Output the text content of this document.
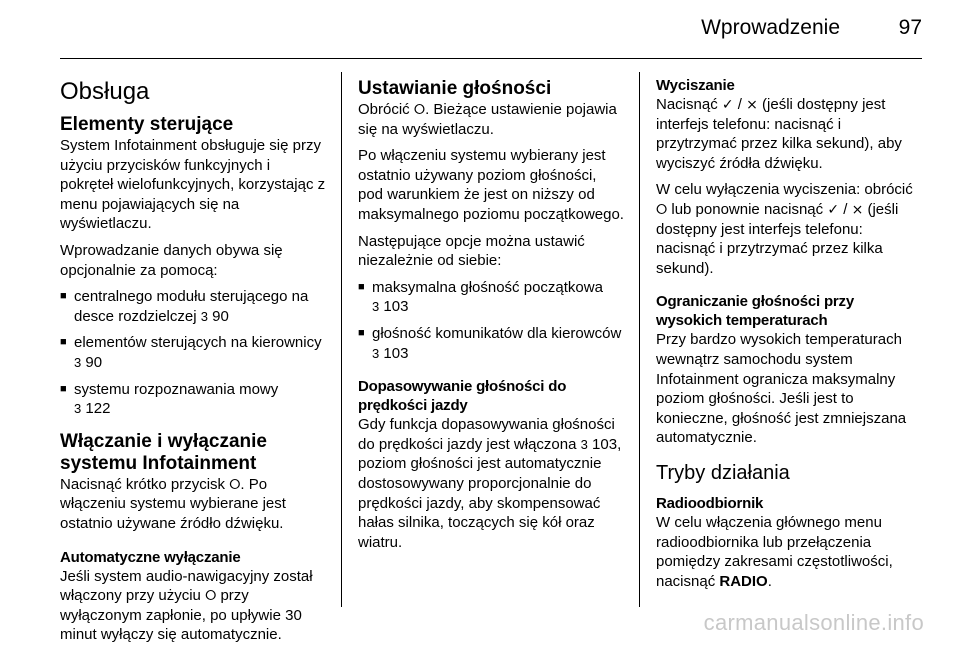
Wprowadzenie	97
Obsługa
Elementy sterujące

System Infotainment obsługuje się przy użyciu przycisków funkcyjnych i pokręteł wielofunkcyjnych, korzystając z menu pojawiających się na wyświetlaczu.

Wprowadzanie danych obywa się opcjonalnie za pomocą:

■ centralnego modułu sterującego na desce rozdzielczej 3 90
■ elementów sterujących na kierownicy 3 90
■ systemu rozpoznawania mowy
3 122
Włączanie i wyłączanie systemu Infotainment

Nacisnąć krótko przycisk ⭘. Po włączeniu systemu wybierane jest ostatnio używane źródło dźwięku.

Automatyczne wyłączanie

Jeśli system audio-nawigacyjny został włączony przy użyciu ⭘ przy wyłączonym zapłonie, po upływie 30 minut wyłączy się automatycznie.

Ustawianie głośności

Obrócić ⭘. Bieżące ustawienie pojawia się na wyświetlaczu.

Po włączeniu systemu wybierany jest ostatnio używany poziom głośności, pod warunkiem że jest on niższy od maksymalnego poziomu początkowego.

Następujące opcje można ustawić niezależnie od siebie:

■ maksymalna głośność początkowa
3 103
■ głośność komunikatów dla kierowców 3 103
Dopasowywanie głośności do prędkości jazdy

Gdy funkcja dopasowywania głośności do prędkości jazdy jest włączona 3 103, poziom głośności jest automatycznie dostosowywany proporcjonalnie do prędkości jazdy, aby skompensować hałas silnika, toczących się kół oraz wiatru.

Wyciszanie

Nacisnąć ✓ / ⨯ (jeśli dostępny jest interfejs telefonu: nacisnąć i przytrzymać przez kilka sekund), aby wyciszyć źródła dźwięku.

W celu wyłączenia wyciszenia: obrócić ⭘ lub ponownie nacisnąć ✓ / ⨯ (jeśli dostępny jest interfejs telefonu: nacisnąć i przytrzymać przez kilka sekund).

Ograniczanie głośności przy wysokich temperaturach

Przy bardzo wysokich temperaturach wewnątrz samochodu system Infotainment ogranicza maksymalny poziom głośności. Jeśli jest to konieczne, głośność jest zmniejszana automatycznie.

Tryby działania
Radioodbiornik

W celu włączenia głównego menu radioodbiornika lub przełączenia pomiędzy zakresami częstotliwości, nacisnąć RADIO.

carmanualsonline.info
